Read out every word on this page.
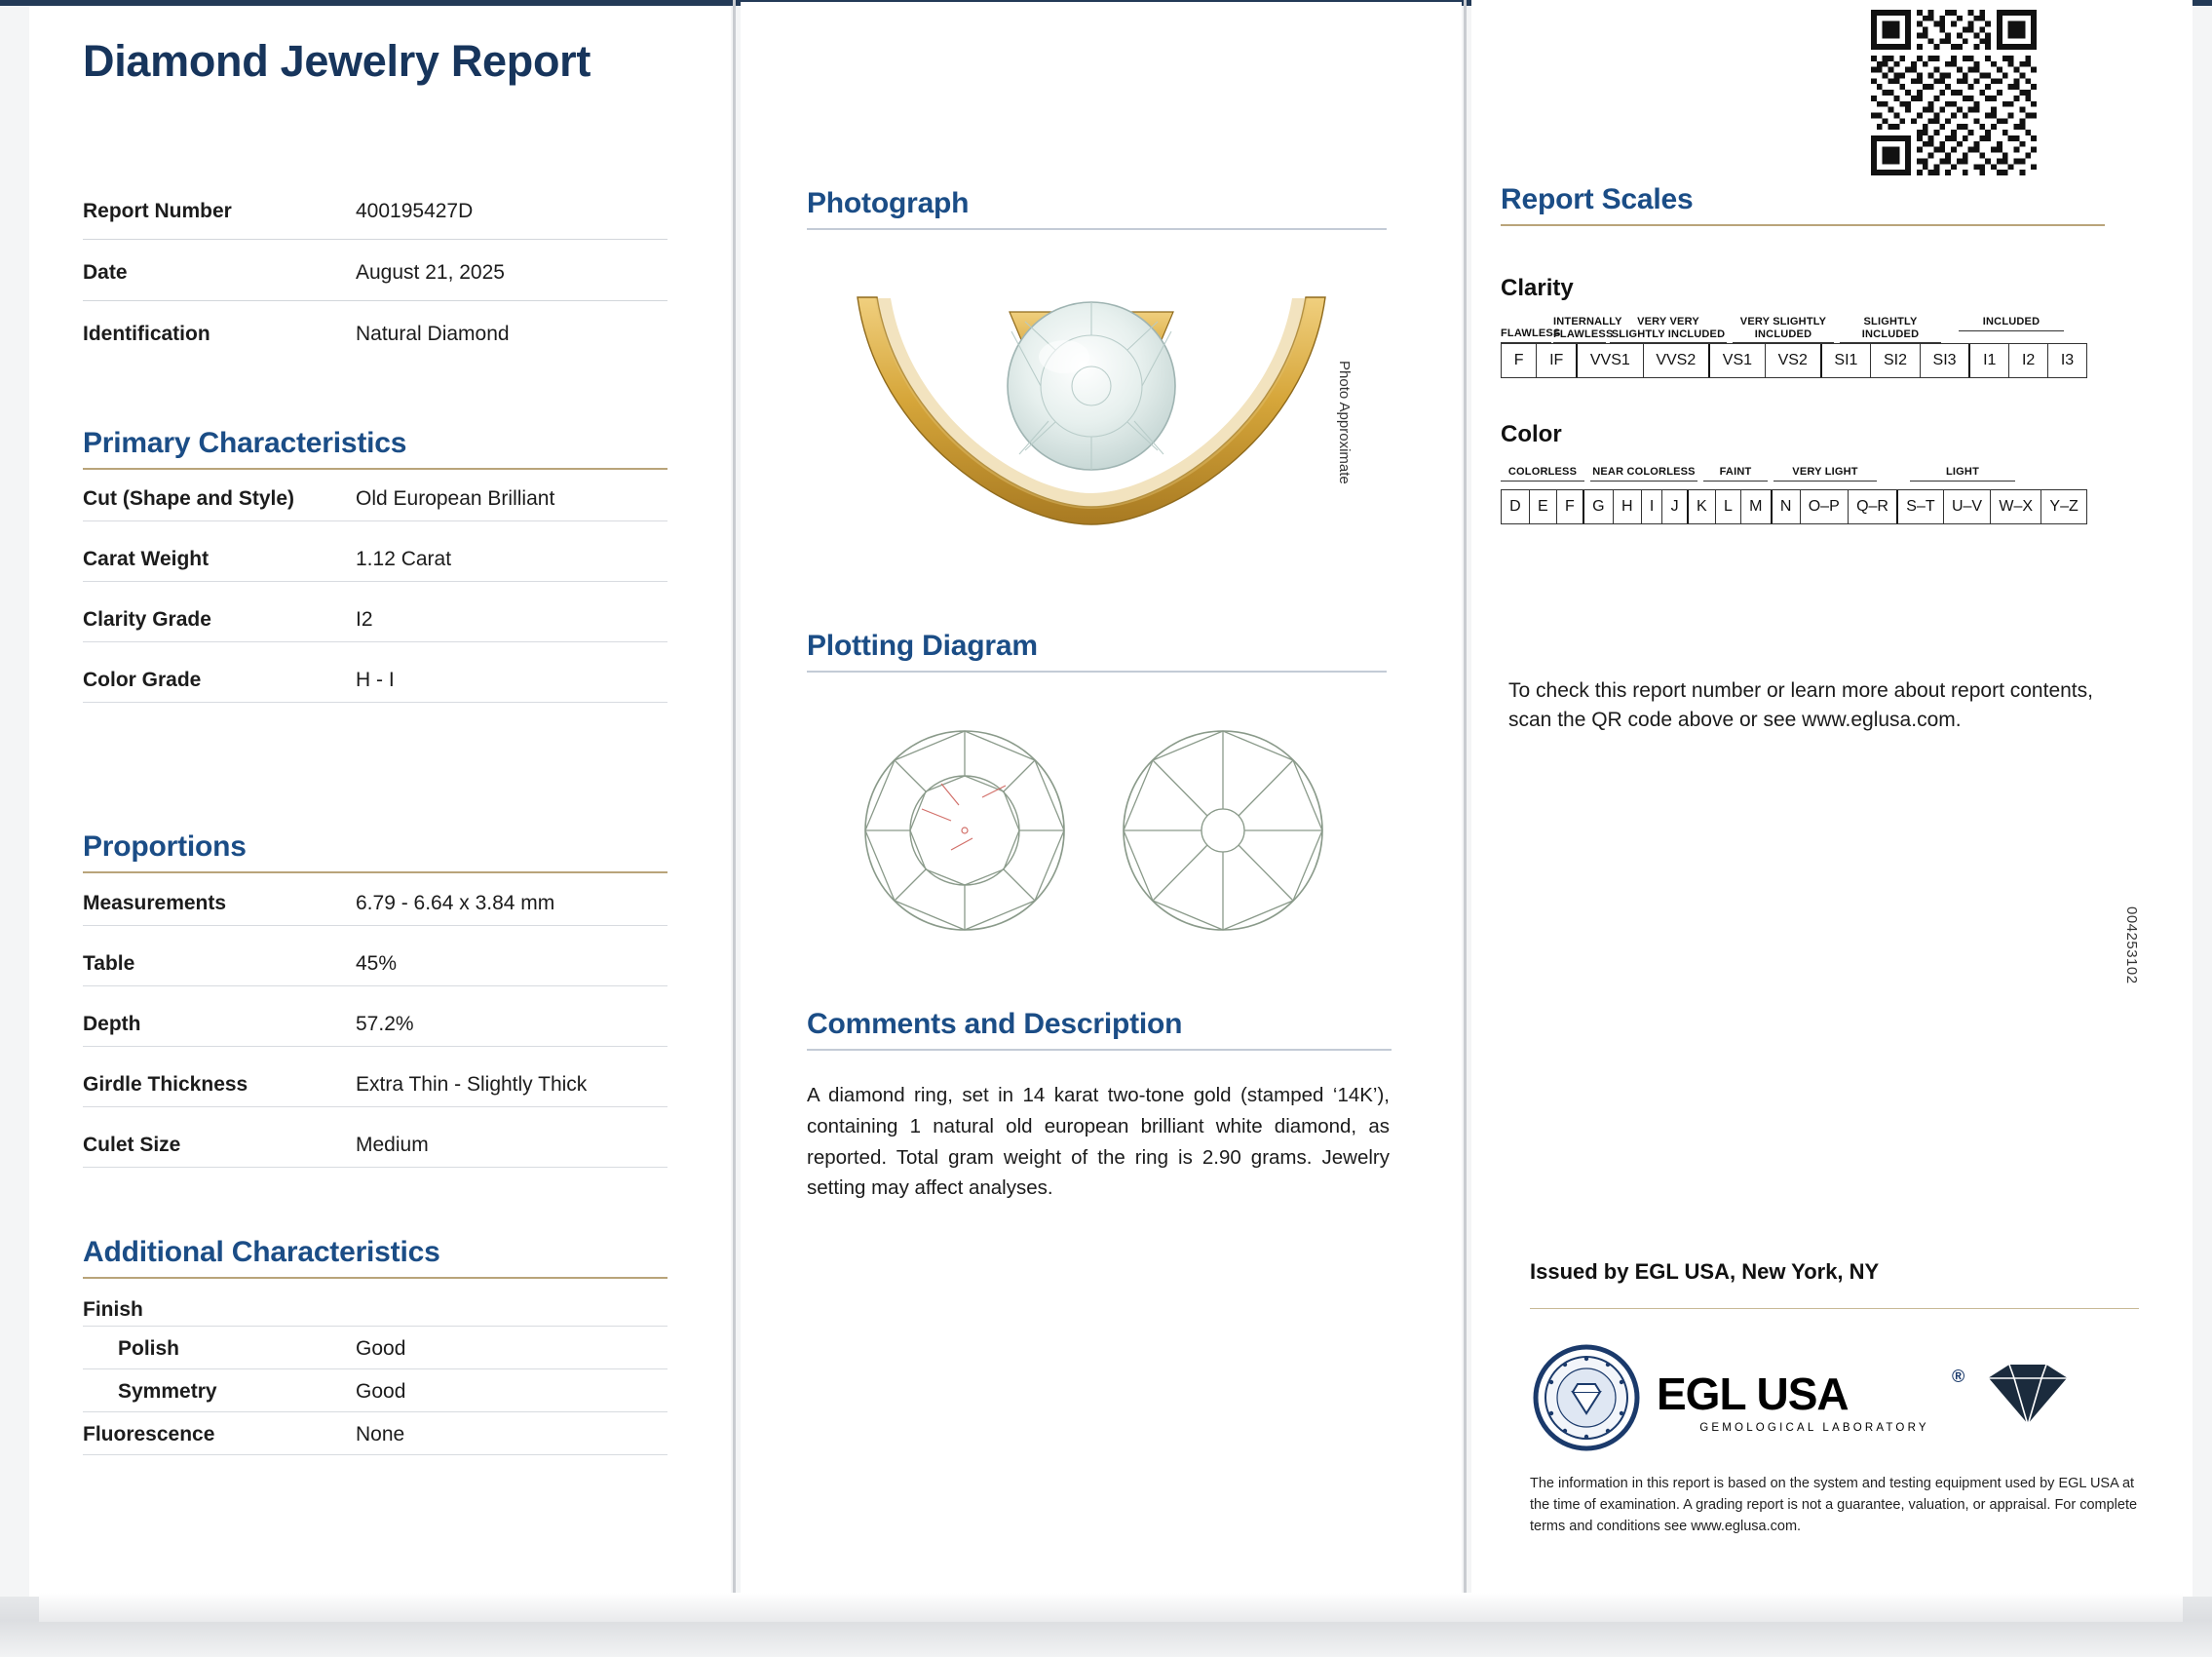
Diamond Jewelry Report
Report Number	400195427D
Date	August 21, 2025
Identification	Natural Diamond
Primary Characteristics
Cut (Shape and Style)	Old European Brilliant
Carat Weight	1.12 Carat
Clarity Grade	I2
Color Grade	H - I
Proportions
Measurements	6.79 - 6.64 x 3.84 mm
Table	45%
Depth	57.2%
Girdle Thickness	Extra Thin - Slightly Thick
Culet Size	Medium
Additional Characteristics
Finish
Polish	Good
Symmetry	Good
Fluorescence	None
Photograph
Photo Approximate
Plotting Diagram
Comments and Description
A diamond ring, set in 14 karat two-tone gold (stamped ‘14K’), containing 1 natural old european brilliant white diamond, as reported. Total gram weight of the ring is 2.90 grams. Jewelry setting may affect analyses.
Report Scales
Clarity
FLAWLESS
INTERNALLY FLAWLESS
VERY VERY SLIGHTLY INCLUDED
VERY SLIGHTLY INCLUDED
SLIGHTLY INCLUDED
INCLUDED
F	IF	VVS1	VVS2	VS1	VS2	SI1	SI2	SI3	I1	I2	I3
Color
COLORLESS	NEAR COLORLESS	FAINT	VERY LIGHT	LIGHT
D	E	F	G	H	I	J	K	L	M	N	O–P	Q–R	S–T	U–V	W–X	Y–Z
To check this report number or learn more about report contents, scan the QR code above or see www.eglusa.com.
Issued by EGL USA, New York, NY
EGL USA	®
GEMOLOGICAL LABORATORY
The information in this report is based on the system and testing equipment used by EGL USA at the time of examination. A grading report is not a guarantee, valuation, or appraisal. For complete terms and conditions see www.eglusa.com.
004253102
